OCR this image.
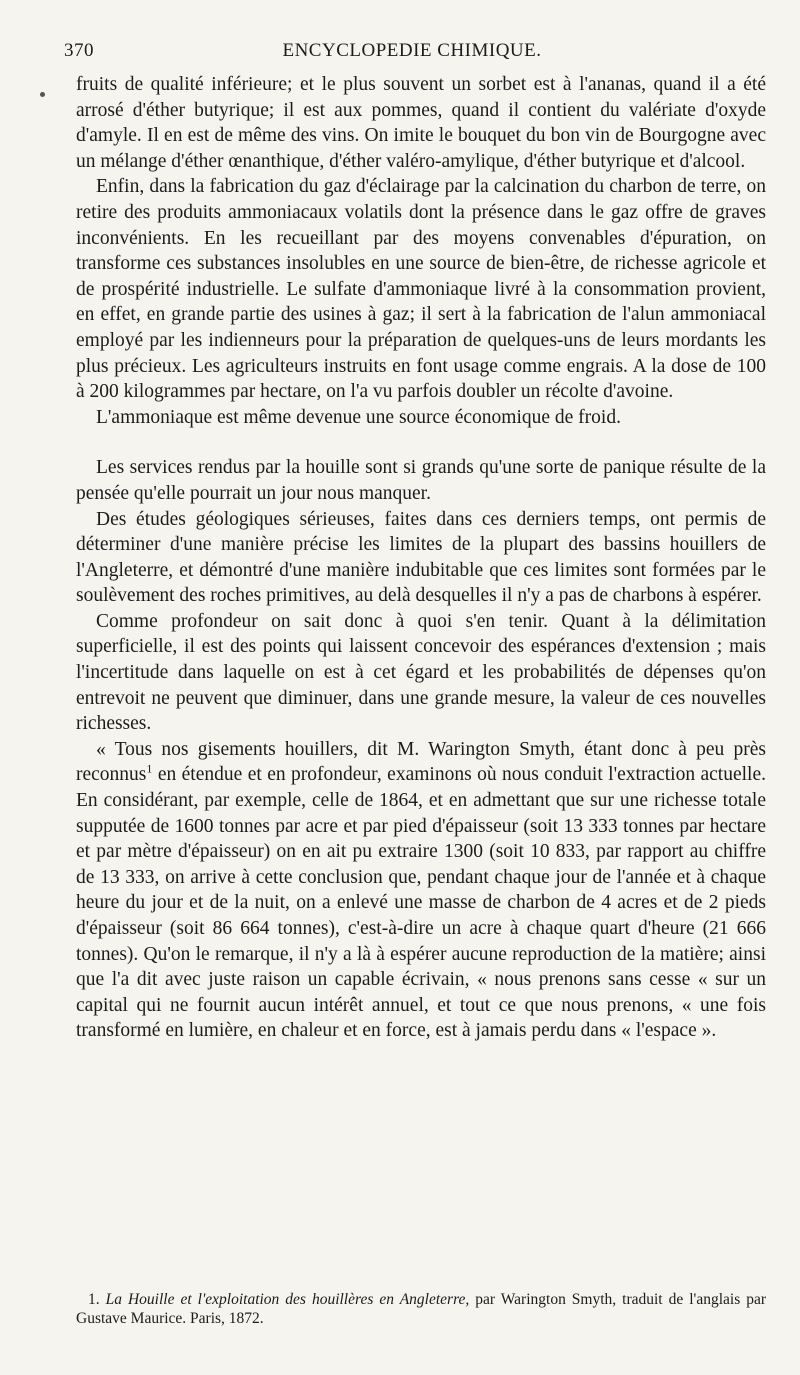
370	ENCYCLOPEDIE CHIMIQUE.

fruits de qualité inférieure; et le plus souvent un sorbet est à l'ananas, quand il a été arrosé d'éther butyrique; il est aux pommes, quand il contient du valériate d'oxyde d'amyle. Il en est de même des vins. On imite le bouquet du bon vin de Bourgogne avec un mélange d'éther œnanthique, d'éther valéro-amylique, d'éther butyrique et d'alcool.

Enfin, dans la fabrication du gaz d'éclairage par la calcination du charbon de terre, on retire des produits ammoniacaux volatils dont la présence dans le gaz offre de graves inconvénients. En les recueillant par des moyens convenables d'épuration, on transforme ces substances insolubles en une source de bien-être, de richesse agricole et de prospérité industrielle. Le sulfate d'ammoniaque livré à la consommation provient, en effet, en grande partie des usines à gaz; il sert à la fabrication de l'alun ammoniacal employé par les indienneurs pour la préparation de quelques-uns de leurs mordants les plus précieux. Les agriculteurs instruits en font usage comme engrais. A la dose de 100 à 200 kilogrammes par hectare, on l'a vu parfois doubler un récolte d'avoine.

L'ammoniaque est même devenue une source économique de froid.

Les services rendus par la houille sont si grands qu'une sorte de panique résulte de la pensée qu'elle pourrait un jour nous manquer.

Des études géologiques sérieuses, faites dans ces derniers temps, ont permis de déterminer d'une manière précise les limites de la plupart des bassins houillers de l'Angleterre, et démontré d'une manière indubitable que ces limites sont formées par le soulèvement des roches primitives, au delà desquelles il n'y a pas de charbons à espérer.

Comme profondeur on sait donc à quoi s'en tenir. Quant à la délimitation superficielle, il est des points qui laissent concevoir des espérances d'extension ; mais l'incertitude dans laquelle on est à cet égard et les probabilités de dépenses qu'on entrevoit ne peuvent que diminuer, dans une grande mesure, la valeur de ces nouvelles richesses.

« Tous nos gisements houillers, dit M. Warington Smyth, étant donc à peu près reconnus$^1$ en étendue et en profondeur, examinons où nous conduit l'extraction actuelle. En considérant, par exemple, celle de 1864, et en admettant que sur une richesse totale supputée de 1600 tonnes par acre et par pied d'épaisseur (soit 13 333 tonnes par hectare et par mètre d'épaisseur) on en ait pu extraire 1300 (soit 10 833, par rapport au chiffre de 13 333, on arrive à cette conclusion que, pendant chaque jour de l'année et à chaque heure du jour et de la nuit, on a enlevé une masse de charbon de 4 acres et de 2 pieds d'épaisseur (soit 86 664 tonnes), c'est-à-dire un acre à chaque quart d'heure (21 666 tonnes). Qu'on le remarque, il n'y a là à espérer aucune reproduction de la matière; ainsi que l'a dit avec juste raison un capable écrivain, « nous prenons sans cesse « sur un capital qui ne fournit aucun intérêt annuel, et tout ce que nous prenons, « une fois transformé en lumière, en chaleur et en force, est à jamais perdu dans « l'espace ».

1. La Houille et l'exploitation des houillères en Angleterre, par Warington Smyth, traduit de l'anglais par Gustave Maurice. Paris, 1872.
